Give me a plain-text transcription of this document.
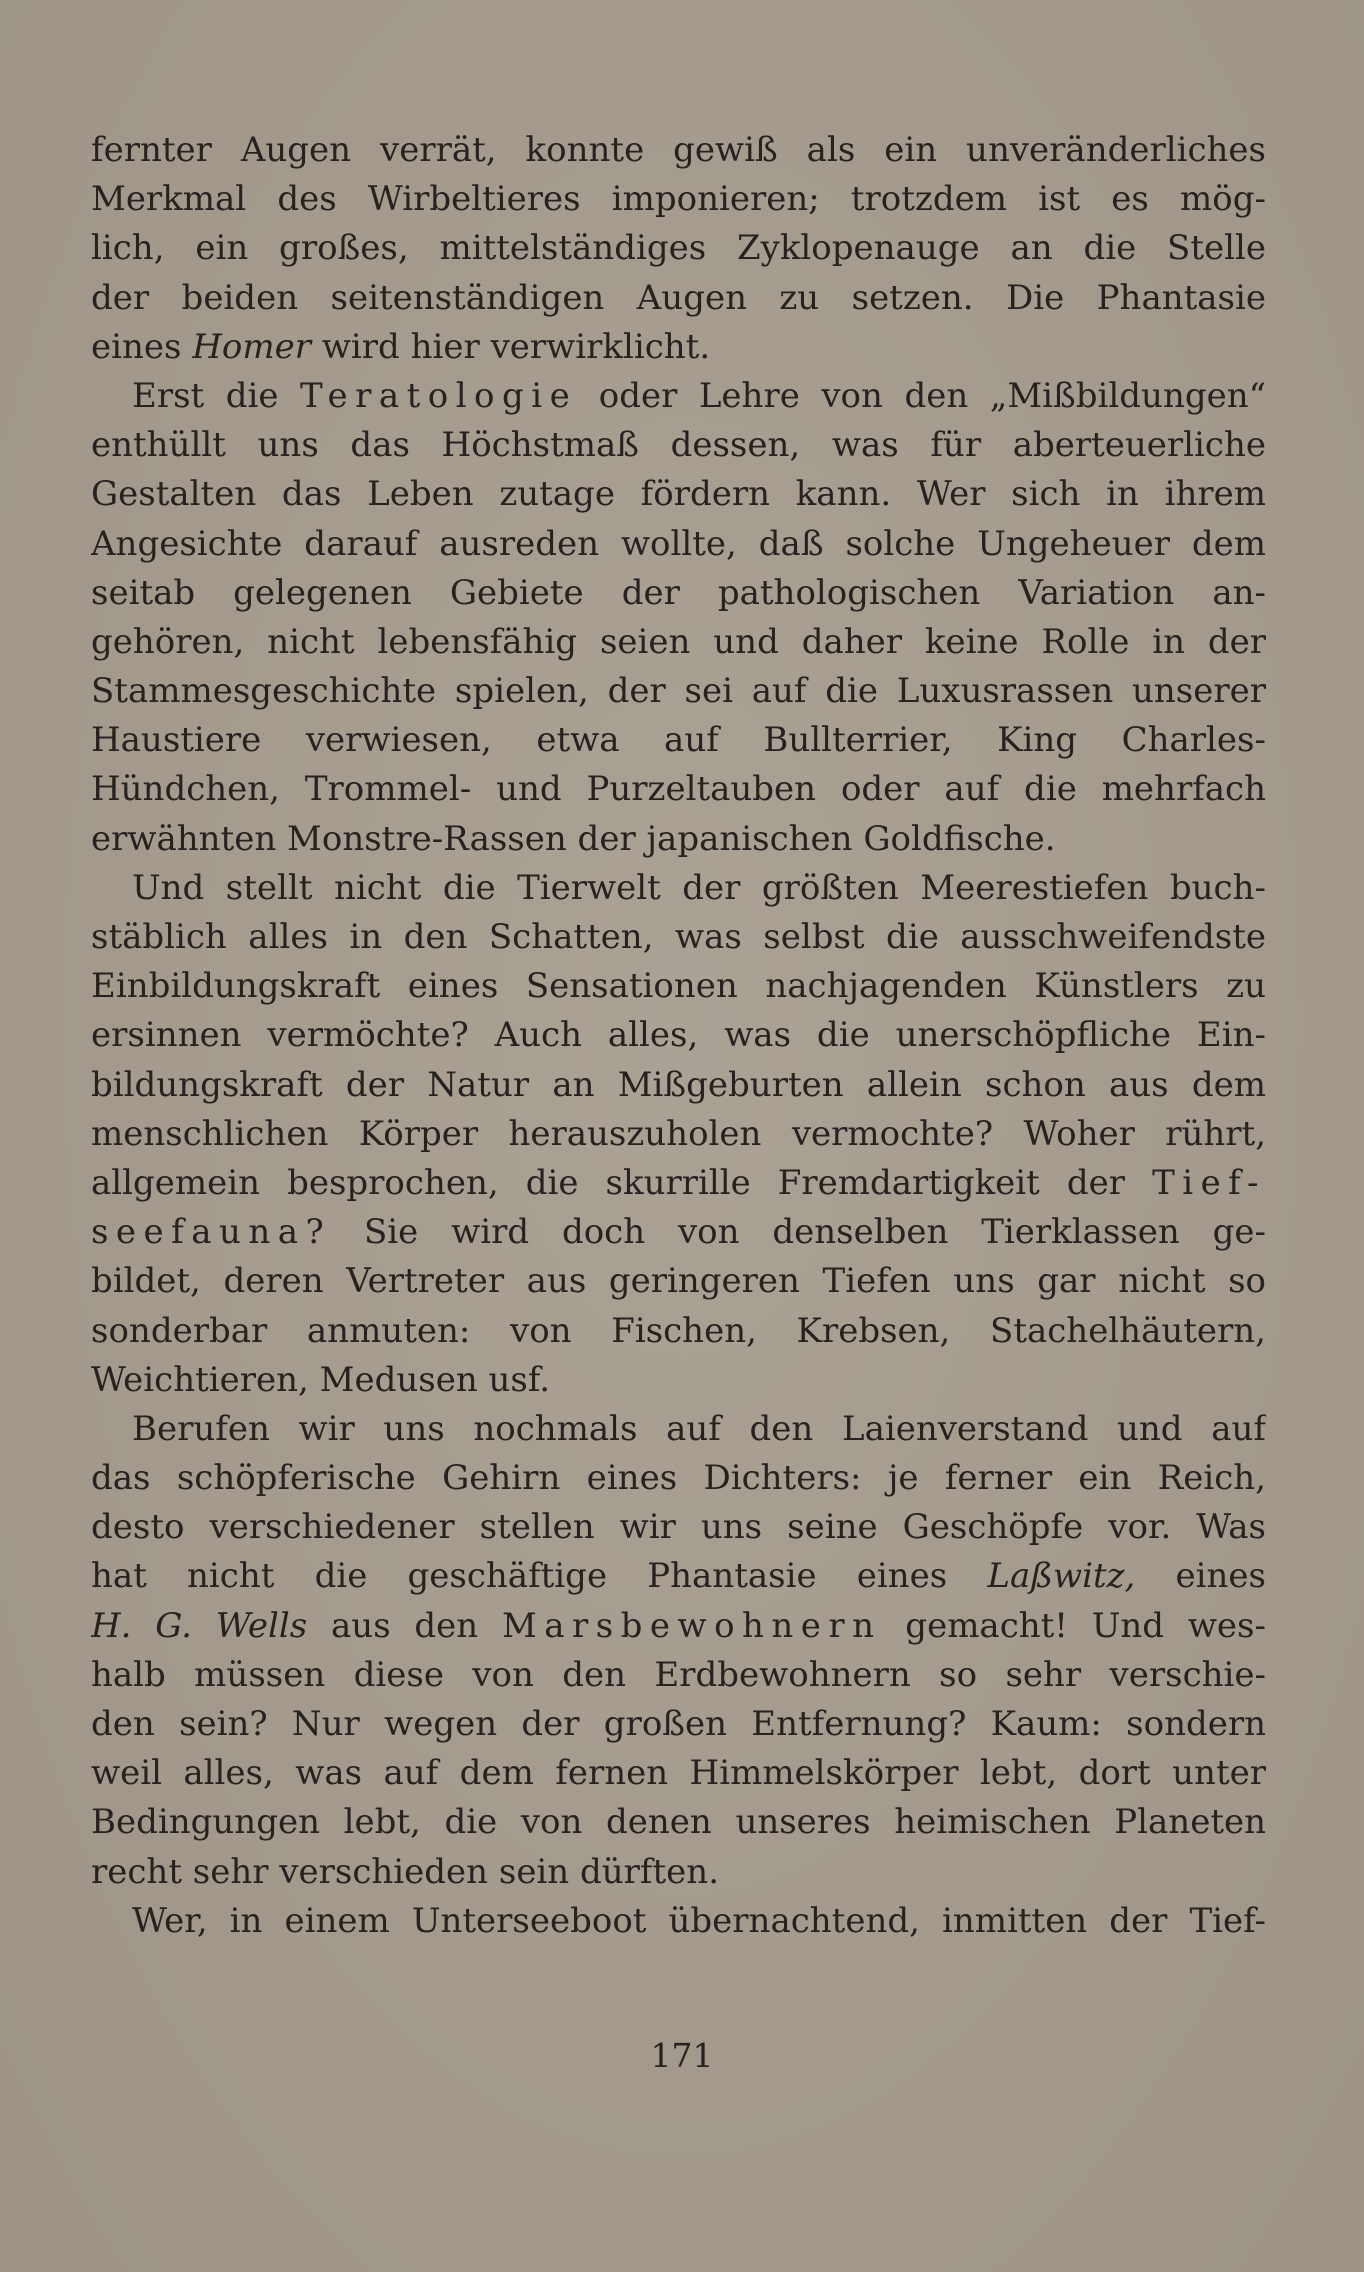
fernter Augen verrät, konnte gewiß als ein unveränderliches
Merkmal des Wirbeltieres imponieren; trotzdem ist es mög-
lich, ein großes, mittelständiges Zyklopenauge an die Stelle
der beiden seitenständigen Augen zu setzen. Die Phantasie
eines Homer wird hier verwirklicht.
Erst die Teratologie oder Lehre von den „Mißbildungen“
enthüllt uns das Höchstmaß dessen, was für aberteuerliche
Gestalten das Leben zutage fördern kann. Wer sich in ihrem
Angesichte darauf ausreden wollte, daß solche Ungeheuer dem
seitab gelegenen Gebiete der pathologischen Variation an-
gehören, nicht lebensfähig seien und daher keine Rolle in der
Stammesgeschichte spielen, der sei auf die Luxusrassen unserer
Haustiere verwiesen, etwa auf Bullterrier, King Charles-
Hündchen, Trommel- und Purzeltauben oder auf die mehrfach
erwähnten Monstre-Rassen der japanischen Goldfische.
Und stellt nicht die Tierwelt der größten Meerestiefen buch-
stäblich alles in den Schatten, was selbst die ausschweifendste
Einbildungskraft eines Sensationen nachjagenden Künstlers zu
ersinnen vermöchte? Auch alles, was die unerschöpfliche Ein-
bildungskraft der Natur an Mißgeburten allein schon aus dem
menschlichen Körper herauszuholen vermochte? Woher rührt,
allgemein besprochen, die skurrille Fremdartigkeit der Tief-
seefauna? Sie wird doch von denselben Tierklassen ge-
bildet, deren Vertreter aus geringeren Tiefen uns gar nicht so
sonderbar anmuten: von Fischen, Krebsen, Stachelhäutern,
Weichtieren, Medusen usf.
Berufen wir uns nochmals auf den Laienverstand und auf
das schöpferische Gehirn eines Dichters: je ferner ein Reich,
desto verschiedener stellen wir uns seine Geschöpfe vor. Was
hat nicht die geschäftige Phantasie eines Laßwitz, eines
H. G. Wells aus den Marsbewohnern gemacht! Und wes-
halb müssen diese von den Erdbewohnern so sehr verschie-
den sein? Nur wegen der großen Entfernung? Kaum: sondern
weil alles, was auf dem fernen Himmelskörper lebt, dort unter
Bedingungen lebt, die von denen unseres heimischen Planeten
recht sehr verschieden sein dürften.
Wer, in einem Unterseeboot übernachtend, inmitten der Tief-
171
